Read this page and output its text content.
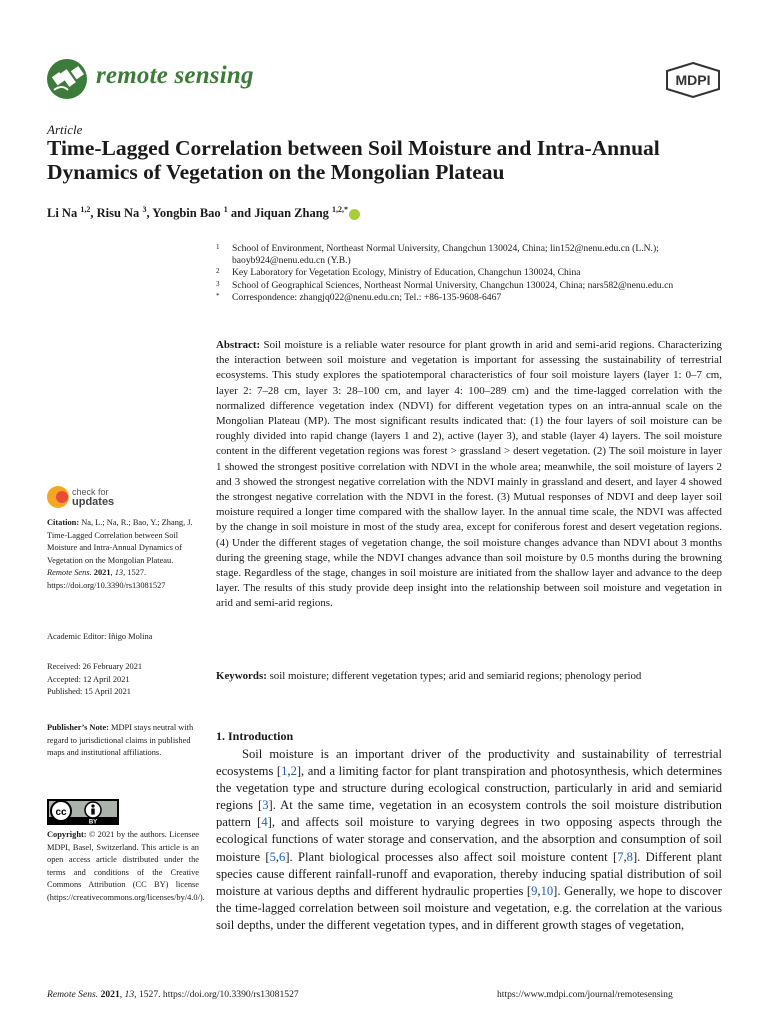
remote sensing	MDPI
Article
Time-Lagged Correlation between Soil Moisture and Intra-Annual Dynamics of Vegetation on the Mongolian Plateau
Li Na $^{1,2}$, Risu Na $^3$, Yongbin Bao $^1$ and Jiquan Zhang $^{1,2,*}$
1 School of Environment, Northeast Normal University, Changchun 130024, China; lin152@nenu.edu.cn (L.N.); baoyb924@nenu.edu.cn (Y.B.)
2 Key Laboratory for Vegetation Ecology, Ministry of Education, Changchun 130024, China
3 School of Geographical Sciences, Northeast Normal University, Changchun 130024, China; nars582@nenu.edu.cn
* Correspondence: zhangjq022@nenu.edu.cn; Tel.: +86-135-9608-6467
Abstract: Soil moisture is a reliable water resource for plant growth in arid and semi-arid regions. Characterizing the interaction between soil moisture and vegetation is important for assessing the sustainability of terrestrial ecosystems. This study explores the spatiotemporal characteristics of four soil moisture layers (layer 1: 0–7 cm, layer 2: 7–28 cm, layer 3: 28–100 cm, and layer 4: 100–289 cm) and the time-lagged correlation with the normalized difference vegetation index (NDVI) for different vegetation types on an intra-annual scale on the Mongolian Plateau (MP). The most significant results indicated that: (1) the four layers of soil moisture can be roughly divided into rapid change (layers 1 and 2), active (layer 3), and stable (layer 4) layers. The soil moisture content in the different vegetation regions was forest > grassland > desert vegetation. (2) The soil moisture in layer 1 showed the strongest positive correlation with NDVI in the whole area; meanwhile, the soil moisture of layers 2 and 3 showed the strongest negative correlation with the NDVI mainly in grassland and desert, and layer 4 showed the strongest negative correlation with the NDVI in the forest. (3) Mutual responses of NDVI and deep layer soil moisture required a longer time compared with the shallow layer. In the annual time scale, the NDVI was affected by the change in soil moisture in most of the study area, except for coniferous forest and desert vegetation regions. (4) Under the different stages of vegetation change, the soil moisture changes advance than NDVI about 3 months during the greening stage, while the NDVI changes advance than soil moisture by 0.5 months during the browning stage. Regardless of the stage, changes in soil moisture are initiated from the shallow layer and advance to the deep layer. The results of this study provide deep insight into the relationship between soil moisture and vegetation in arid and semi-arid regions.
Keywords: soil moisture; different vegetation types; arid and semiarid regions; phenology period
check for
updates
Citation: Na, L.; Na, R.; Bao, Y.; Zhang, J. Time-Lagged Correlation between Soil Moisture and Intra-Annual Dynamics of Vegetation on the Mongolian Plateau. Remote Sens. 2021, 13, 1527. https://doi.org/10.3390/rs13081527
Academic Editor: Iñigo Molina
Received: 26 February 2021
Accepted: 12 April 2021
Published: 15 April 2021
Publisher’s Note: MDPI stays neutral with regard to jurisdictional claims in published maps and institutional affiliations.
cc
BY
Copyright: © 2021 by the authors. Licensee MDPI, Basel, Switzerland. This article is an open access article distributed under the terms and conditions of the Creative Commons Attribution (CC BY) license (https://creativecommons.org/licenses/by/4.0/).
1. Introduction
Soil moisture is an important driver of the productivity and sustainability of terrestrial ecosystems [1,2], and a limiting factor for plant transpiration and photosynthesis, which determines the vegetation type and structure during ecological construction, particularly in arid and semiarid regions [3]. At the same time, vegetation in an ecosystem controls the soil moisture distribution pattern [4], and affects soil moisture to varying degrees in two opposing aspects through the ecological functions of water storage and conservation, and the absorption and consumption of soil moisture [5,6]. Plant biological processes also affect soil moisture content [7,8]. Different plant species cause different rainfall-runoff and evaporation, thereby inducing spatial distribution of soil moisture at various depths and different hydraulic properties [9,10]. Generally, we hope to discover the time-lagged correlation between soil moisture and vegetation, e.g. the correlation at the various soil depths, under the different vegetation types, and in different growth stages of vegetation,
Remote Sens. 2021, 13, 1527. https://doi.org/10.3390/rs13081527	https://www.mdpi.com/journal/remotesensing
